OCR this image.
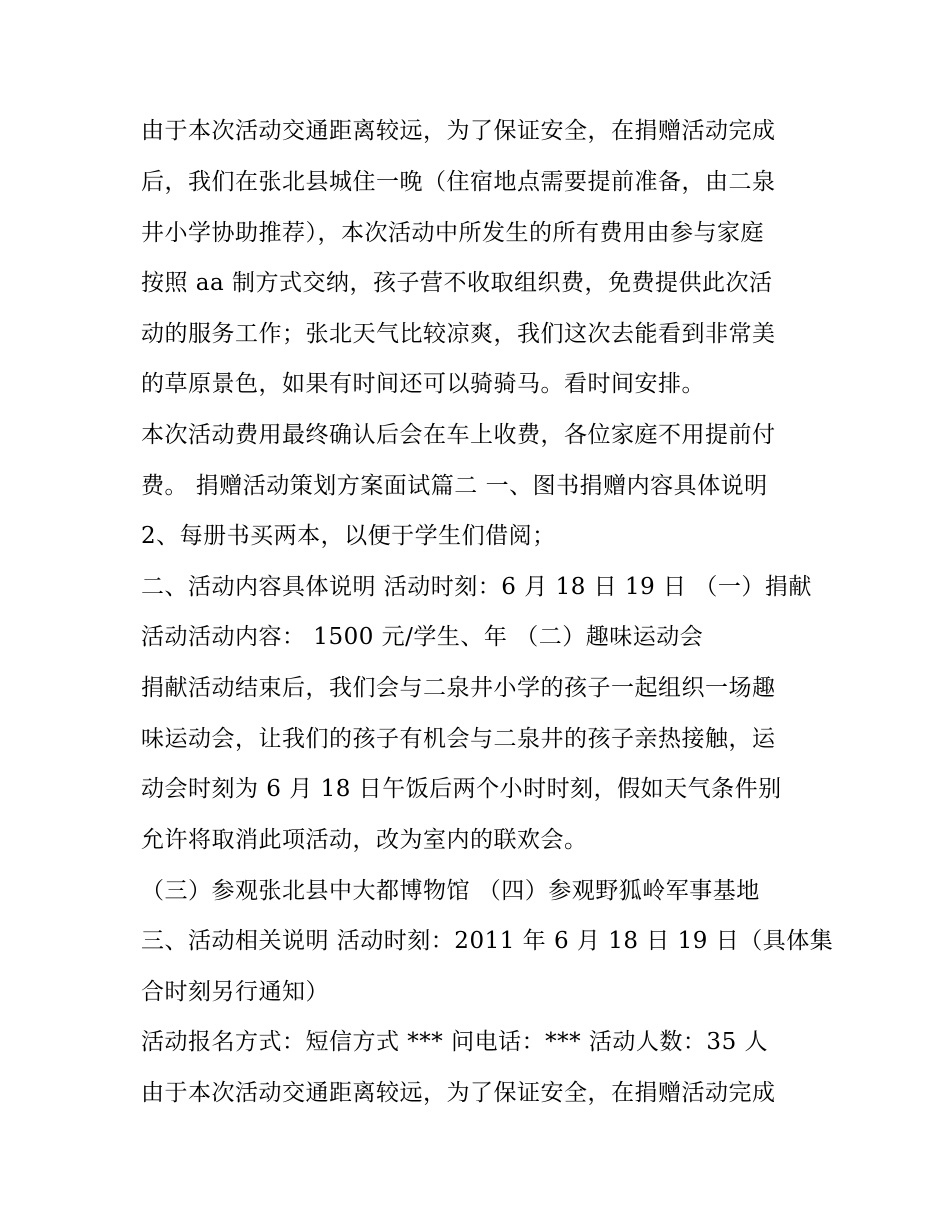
由于本次活动交通距离较远，为了保证安全，在捐赠活动完成
后，我们在张北县城住一晚（住宿地点需要提前准备，由二泉
井小学协助推荐），本次活动中所发生的所有费用由参与家庭
按照 aa 制方式交纳，孩子营不收取组织费，免费提供此次活
动的服务工作；张北天气比较凉爽，我们这次去能看到非常美
的草原景色，如果有时间还可以骑骑马。看时间安排。
本次活动费用最终确认后会在车上收费，各位家庭不用提前付
费。 捐赠活动策划方案面试篇二 一、图书捐赠内容具体说明
2、每册书买两本，以便于学生们借阅；
二、活动内容具体说明 活动时刻：6 月 18 日 19 日 （一）捐献
活动活动内容： 1500 元/学生、年 （二）趣味运动会
捐献活动结束后，我们会与二泉井小学的孩子一起组织一场趣
味运动会，让我们的孩子有机会与二泉井的孩子亲热接触，运
动会时刻为 6 月 18 日午饭后两个小时时刻，假如天气条件别
允许将取消此项活动，改为室内的联欢会。
（三）参观张北县中大都博物馆 （四）参观野狐岭军事基地
三、活动相关说明 活动时刻：2011 年 6 月 18 日 19 日（具体集
合时刻另行通知）
活动报名方式：短信方式 *** 问电话：*** 活动人数：35 人
由于本次活动交通距离较远，为了保证安全，在捐赠活动完成
